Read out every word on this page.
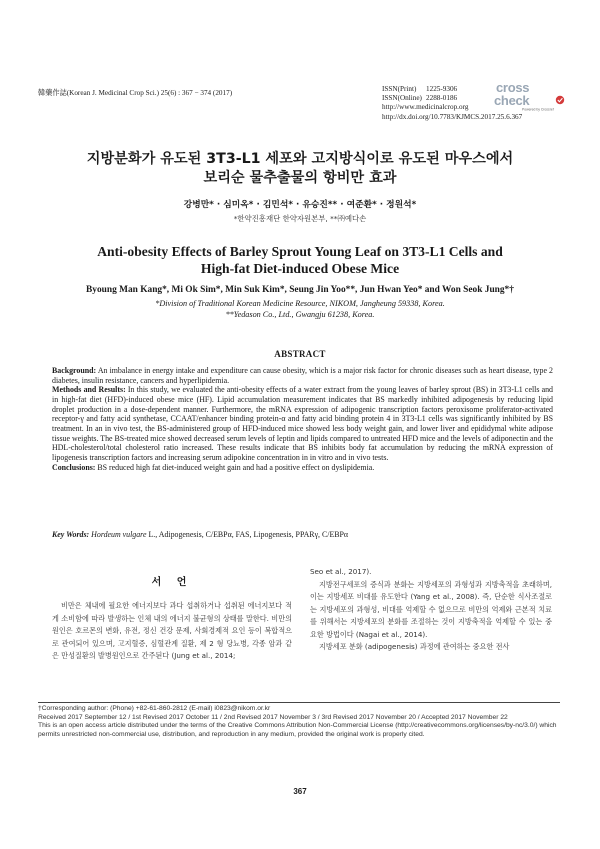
韓藥作誌(Korean J. Medicinal Crop Sci.) 25(6) : 367 − 374 (2017)	ISSN(Print)	1225-9306
ISSN(Online) 2288-0186
http://www.medicinalcrop.org
http://dx.doi.org/10.7783/KJMCS.2017.25.6.367
cross
check
Powered by Crossref
지방분화가 유도된 3T3-L1 세포와 고지방식이로 유도된 마우스에서
보리순 물추출물의 항비만 효과
강병만* · 심미옥* · 김민석* · 유승진** · 여준환* · 정원석*
*한약진흥재단 한약자원본부, **㈜예다손
Anti-obesity Effects of Barley Sprout Young Leaf on 3T3-L1 Cells and
High-fat Diet-induced Obese Mice
Byoung Man Kang*, Mi Ok Sim*, Min Suk Kim*, Seung Jin Yoo**, Jun Hwan Yeo* and Won Seok Jung*†
*Division of Traditional Korean Medicine Resource, NIKOM, Jangheung 59338, Korea.
**Yedason Co., Ltd., Gwangju 61238, Korea.
ABSTRACT

Background: An imbalance in energy intake and expenditure can cause obesity, which is a major risk factor for chronic diseases such as heart disease, type 2 diabetes, insulin resistance, cancers and hyperlipidemia.

Methods and Results: In this study, we evaluated the anti-obesity effects of a water extract from the young leaves of barley sprout (BS) in 3T3-L1 cells and in high-fat diet (HFD)-induced obese mice (HF). Lipid accumulation measurement indicates that BS markedly inhibited adipogenesis by reducing lipid droplet production in a dose-dependent manner. Furthermore, the mRNA expression of adipogenic transcription factors peroxisome proliferator-activated receptor-γ and fatty acid synthetase, CCAAT/enhancer binding protein-α and fatty acid binding protein 4 in 3T3-L1 cells was significantly inhibited by BS treatment. In an in vivo test, the BS-administered group of HFD-induced mice showed less body weight gain, and lower liver and epididymal white adipose tissue weights. The BS-treated mice showed decreased serum levels of leptin and lipids compared to untreated HFD mice and the levels of adiponectin and the HDL-cholesterol/total cholesterol ratio increased. These results indicate that BS inhibits body fat accumulation by reducing the mRNA expression of lipogenesis transcription factors and increasing serum adipokine concentration in in vitro and in vivo tests.

Conclusions: BS reduced high fat diet-induced weight gain and had a positive effect on dyslipidemia.

Key Words: Hordeum vulgare L., Adipogenesis, C/EBPα, FAS, Lipogenesis, PPARγ, C/EBPα
서 언

비만은 체내에 필요한 에너지보다 과다 섭취하거나 섭취된 에너지보다 적게 소비함에 따라 발생하는 인체 내의 에너지 불균형의 상태를 말한다. 비만의 원인은 호르몬의 변화, 유전, 정신 건강 문제, 사회경제적 요인 등이 복합적으로 관여되어 있으며, 고지혈증, 심혈관계 질환, 제 2 형 당뇨병, 각종 암과 같은 만성질환의 발병원인으로 간주된다 (Jung et al., 2014;

Seo et al., 2017).

지방전구세포의 증식과 분화는 지방세포의 과형성과 지방축적을 초래하며, 이는 지방세포 비대를 유도한다 (Yang et al., 2008). 즉, 단순한 식사조절로는 지방세포의 과형성, 비대를 억제할 수 없으므로 비만의 억제와 근본적 치료를 위해서는 지방세포의 분화를 조절하는 것이 지방축적을 억제할 수 있는 중요한 방법이다 (Nagai et al., 2014).

지방세포 분화 (adipogenesis) 과정에 관여하는 중요한 전사

†Corresponding author: (Phone) +82-61-860-2812 (E-mail) i0823@nikom.or.kr

Received 2017 September 12 / 1st Revised 2017 October 11 / 2nd Revised 2017 November 3 / 3rd Revised 2017 November 20 / Accepted 2017 November 22

This is an open access article distributed under the terms of the Creative Commons Attribution Non-Commercial License (http://creativecommons.org/licenses/by-nc/3.0/) which permits unrestricted non-commercial use, distribution, and reproduction in any medium, provided the original work is properly cited.

367
